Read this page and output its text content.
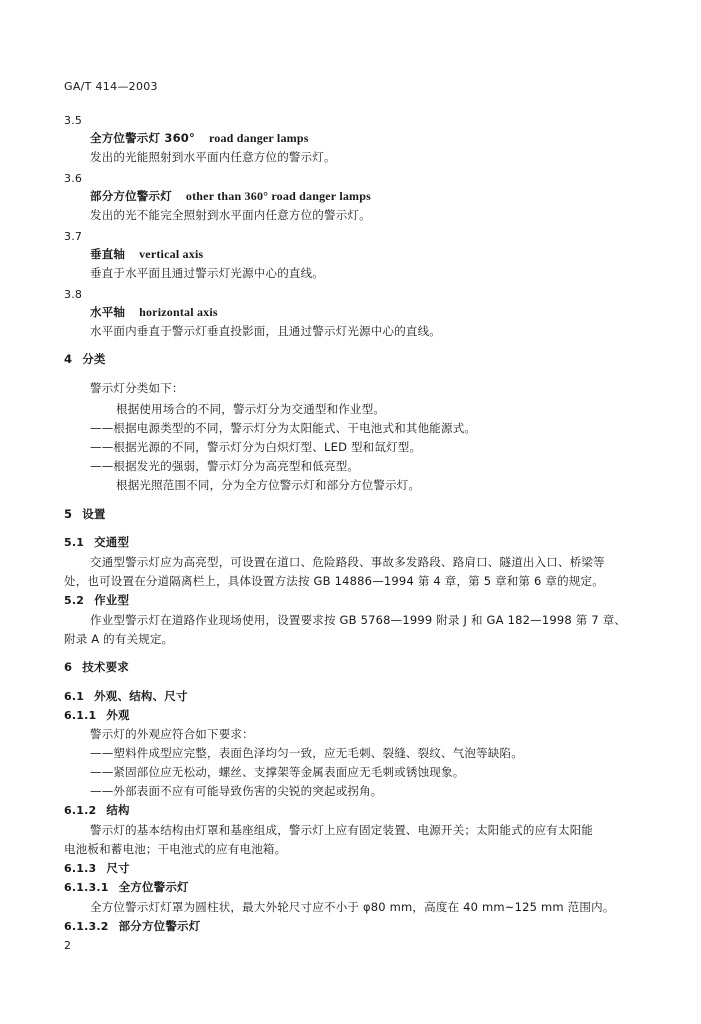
GA/T 414—2003
3.5
全方位警示灯 360° road danger lamps
发出的光能照射到水平面内任意方位的警示灯。
3.6
部分方位警示灯 other than 360° road danger lamps
发出的光不能完全照射到水平面内任意方位的警示灯。
3.7
垂直轴 vertical axis
垂直于水平面且通过警示灯光源中心的直线。
3.8
水平轴 horizontal axis
水平面内垂直于警示灯垂直投影面，且通过警示灯光源中心的直线。
4 分类
警示灯分类如下：
根据使用场合的不同，警示灯分为交通型和作业型。
——根据电源类型的不同，警示灯分为太阳能式、干电池式和其他能源式。
——根据光源的不同，警示灯分为白炽灯型、LED 型和氙灯型。
——根据发光的强弱，警示灯分为高亮型和低亮型。
根据光照范围不同，分为全方位警示灯和部分方位警示灯。
5 设置
5.1 交通型
交通型警示灯应为高亮型，可设置在道口、危险路段、事故多发路段、路肩口、隧道出入口、桥梁等
处，也可设置在分道隔离栏上，具体设置方法按 GB 14886—1994 第 4 章，第 5 章和第 6 章的规定。
5.2 作业型
作业型警示灯在道路作业现场使用，设置要求按 GB 5768—1999 附录 J 和 GA 182—1998 第 7 章、
附录 A 的有关规定。
6 技术要求
6.1 外观、结构、尺寸
6.1.1 外观
警示灯的外观应符合如下要求：
——塑料件成型应完整，表面色泽均匀一致，应无毛刺、裂缝、裂纹、气泡等缺陷。
——紧固部位应无松动，螺丝、支撑架等金属表面应无毛刺或锈蚀现象。
——外部表面不应有可能导致伤害的尖锐的突起或拐角。
6.1.2 结构
警示灯的基本结构由灯罩和基座组成，警示灯上应有固定装置、电源开关；太阳能式的应有太阳能
电池板和蓄电池；干电池式的应有电池箱。
6.1.3 尺寸
6.1.3.1 全方位警示灯
全方位警示灯灯罩为圆柱状，最大外轮尺寸应不小于 φ80 mm，高度在 40 mm~125 mm 范围内。
6.1.3.2 部分方位警示灯
2
